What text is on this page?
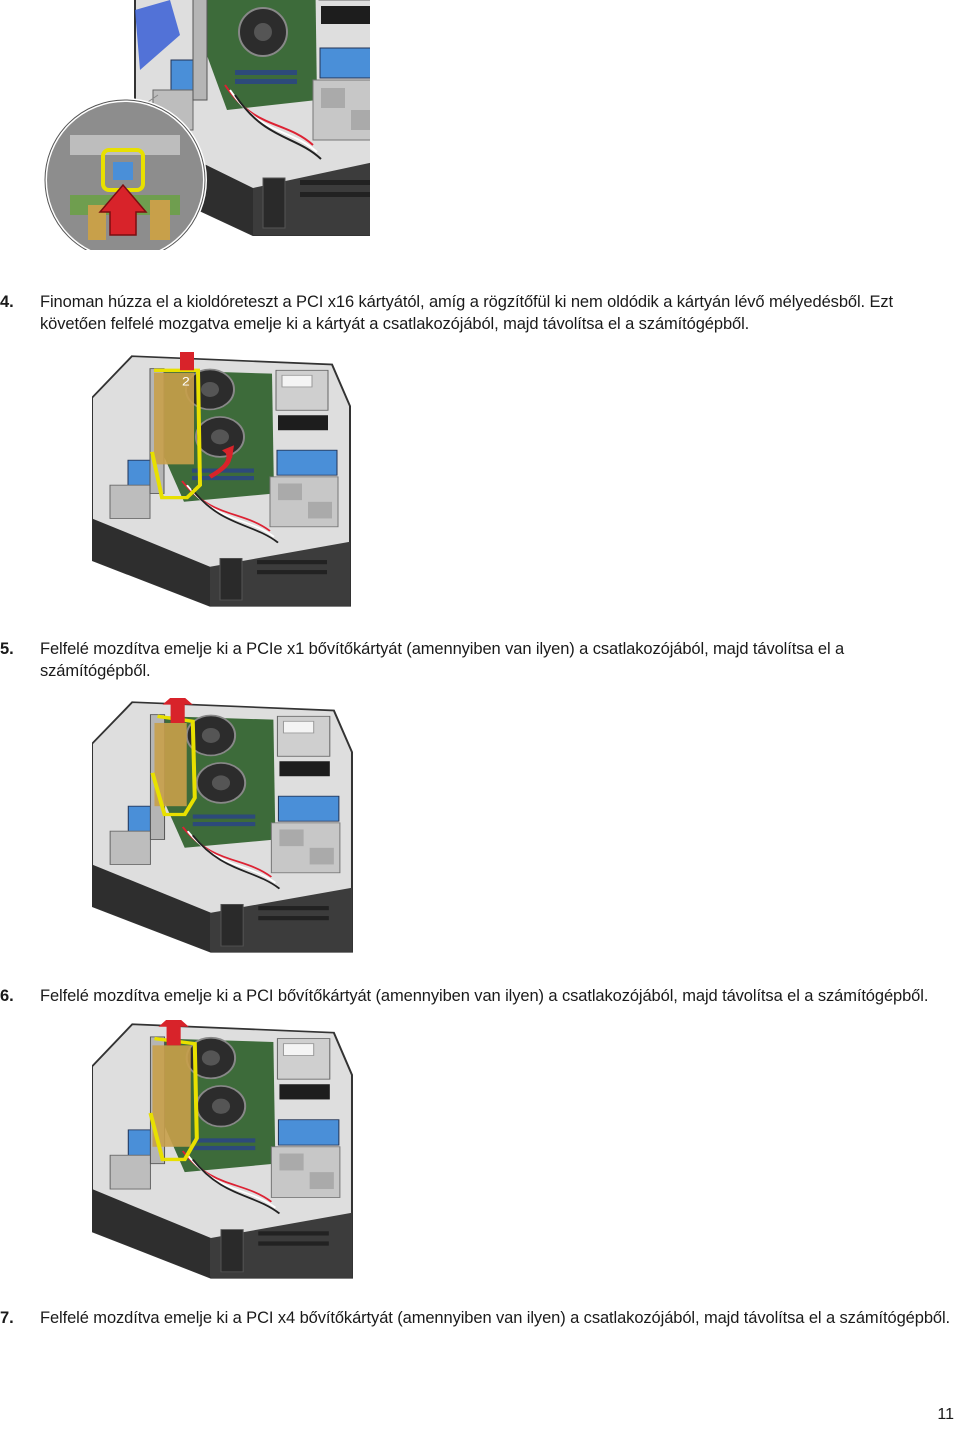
4. Finoman húzza el a kioldóreteszt a PCI x16 kártyától, amíg a rögzítőfül ki nem oldódik a kártyán lévő mélyedésből. Ezt követően felfelé mozgatva emelje ki a kártyát a csatlakozójából, majd távolítsa el a számítógépből.
2
5. Felfelé mozdítva emelje ki a PCIe x1 bővítőkártyát (amennyiben van ilyen) a csatlakozójából, majd távolítsa el a számítógépből.
6. Felfelé mozdítva emelje ki a PCI bővítőkártyát (amennyiben van ilyen) a csatlakozójából, majd távolítsa el a számítógépből.
7. Felfelé mozdítva emelje ki a PCI x4 bővítőkártyát (amennyiben van ilyen) a csatlakozójából, majd távolítsa el a számítógépből.
11
